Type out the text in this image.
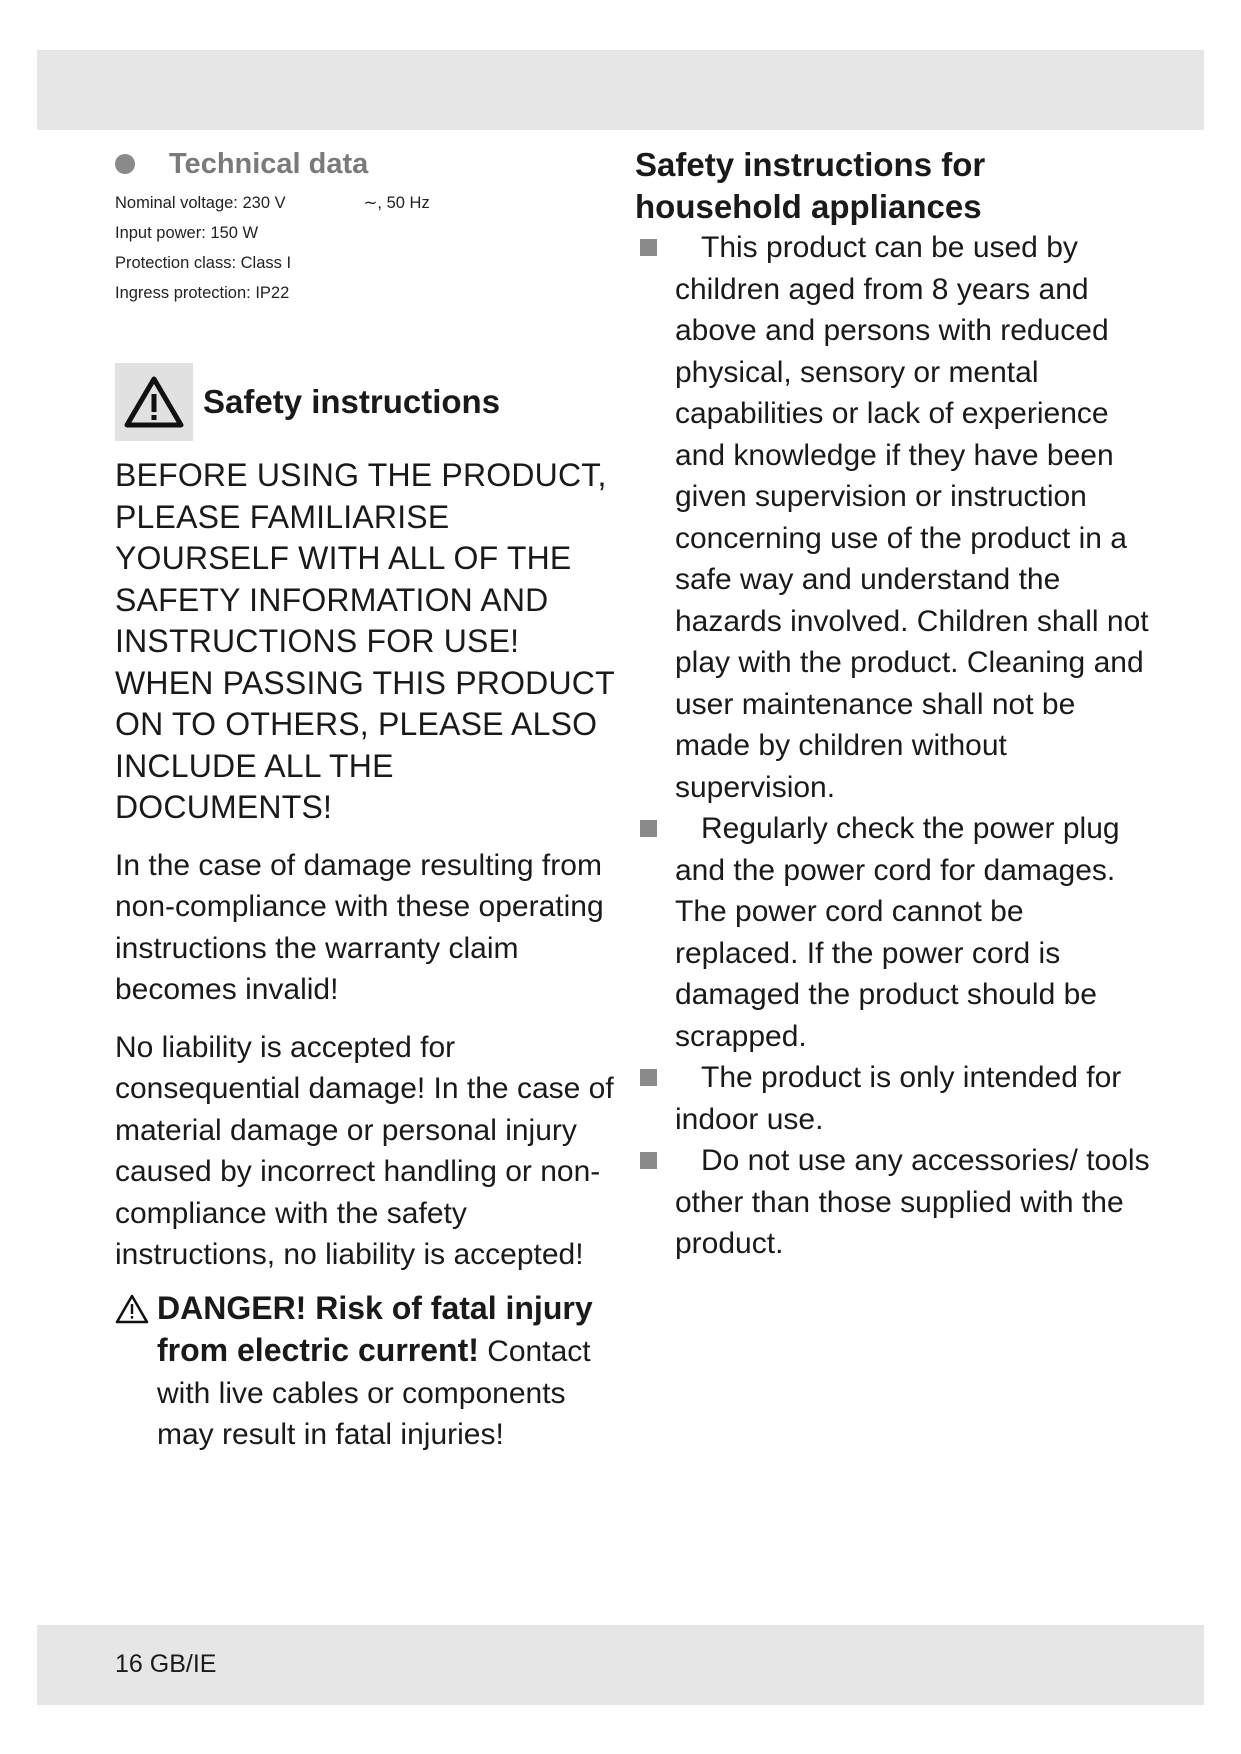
Technical data
Nominal voltage: 230 V	∼, 50 Hz
Input power: 150 W
Protection class: Class I
Ingress protection: IP22
Safety instructions
BEFORE USING THE PRODUCT, PLEASE FAMILIARISE YOURSELF WITH ALL OF THE SAFETY INFORMATION AND INSTRUCTIONS FOR USE! WHEN PASSING THIS PRODUCT ON TO OTHERS, PLEASE ALSO INCLUDE ALL THE DOCUMENTS!
In the case of damage resulting from non-compliance with these operating instructions the warranty claim becomes invalid!
No liability is accepted for consequential damage! In the case of material damage or personal injury caused by incorrect handling or non-compliance with the safety instructions, no liability is accepted!
DANGER! Risk of fatal injury from electric current! Contact with live cables or components may result in fatal injuries!
Safety instructions for household appliances
This product can be used by children aged from 8 years and above and persons with reduced physical, sensory or mental capabilities or lack of experience and knowledge if they have been given supervision or instruction concerning use of the product in a safe way and understand the hazards involved. Children shall not play with the product. Cleaning and user maintenance shall not be made by children without supervision.
Regularly check the power plug and the power cord for damages. The power cord cannot be replaced. If the power cord is damaged the product should be scrapped.
The product is only intended for indoor use.
Do not use any accessories/ tools other than those supplied with the product.
16 GB/IE
